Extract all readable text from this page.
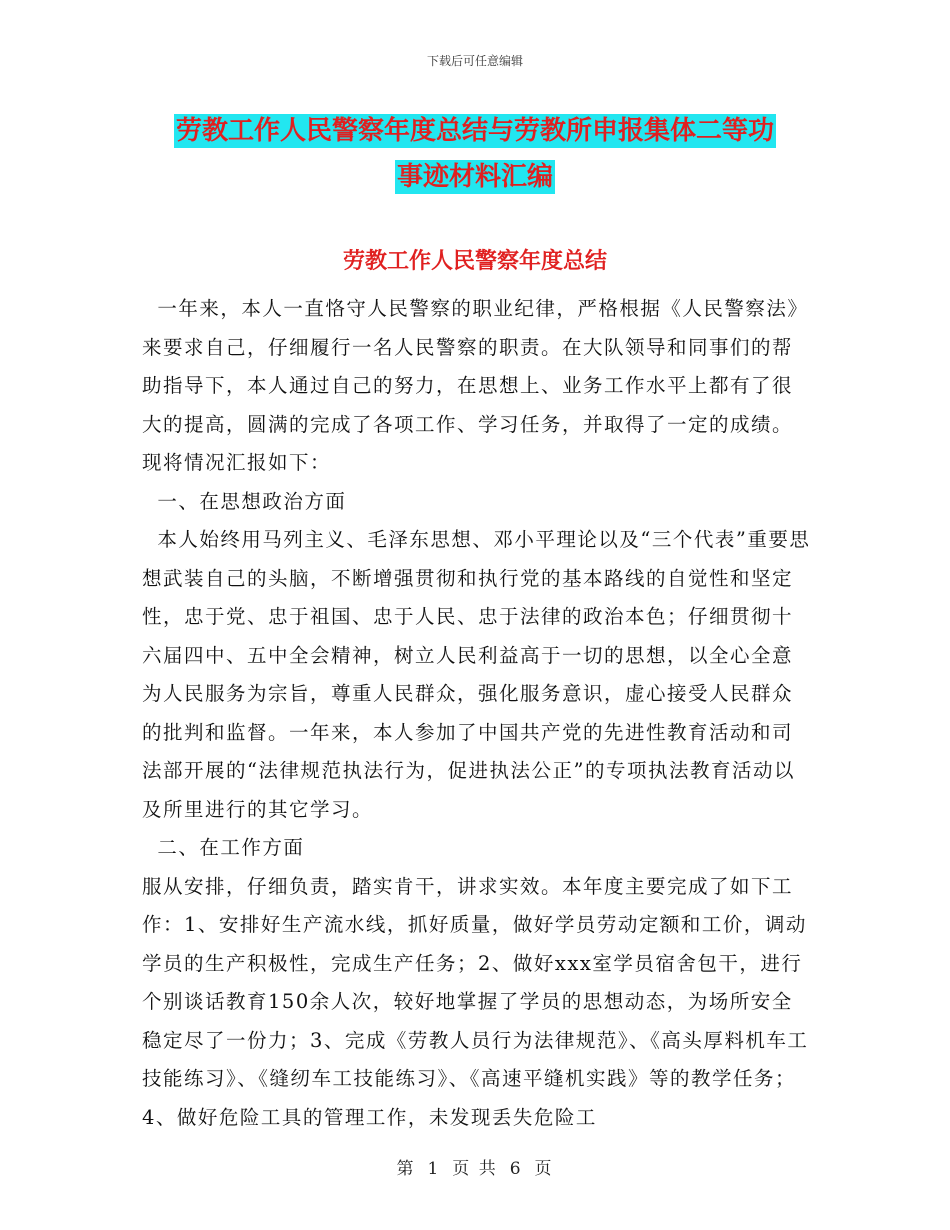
下载后可任意编辑
劳教工作人民警察年度总结与劳教所申报集体二等功
事迹材料汇编
劳教工作人民警察年度总结

一年来，本人一直恪守人民警察的职业纪律，严格根据《人民警察法》来要求自己，仔细履行一名人民警察的职责。在大队领导和同事们的帮助指导下，本人通过自己的努力，在思想上、业务工作水平上都有了很大的提高，圆满的完成了各项工作、学习任务，并取得了一定的成绩。现将情况汇报如下：

一、在思想政治方面

本人始终用马列主义、毛泽东思想、邓小平理论以及“三个代表”重要思想武装自己的头脑，不断增强贯彻和执行党的基本路线的自觉性和坚定性，忠于党、忠于祖国、忠于人民、忠于法律的政治本色；仔细贯彻十六届四中、五中全会精神，树立人民利益高于一切的思想，以全心全意为人民服务为宗旨，尊重人民群众，强化服务意识，虚心接受人民群众的批判和监督。一年来，本人参加了中国共产党的先进性教育活动和司法部开展的“法律规范执法行为，促进执法公正”的专项执法教育活动以及所里进行的其它学习。

二、在工作方面

服从安排，仔细负责，踏实肯干，讲求实效。本年度主要完成了如下工作：1、安排好生产流水线，抓好质量，做好学员劳动定额和工价，调动学员的生产积极性，完成生产任务；2、做好xxx室学员宿舍包干，进行个别谈话教育150余人次，较好地掌握了学员的思想动态，为场所安全稳定尽了一份力；3、完成《劳教人员行为法律规范》、《高头厚料机车工技能练习》、《缝纫车工技能练习》、《高速平缝机实践》等的教学任务；4、做好危险工具的管理工作，未发现丢失危险工

第 1 页 共 6 页
